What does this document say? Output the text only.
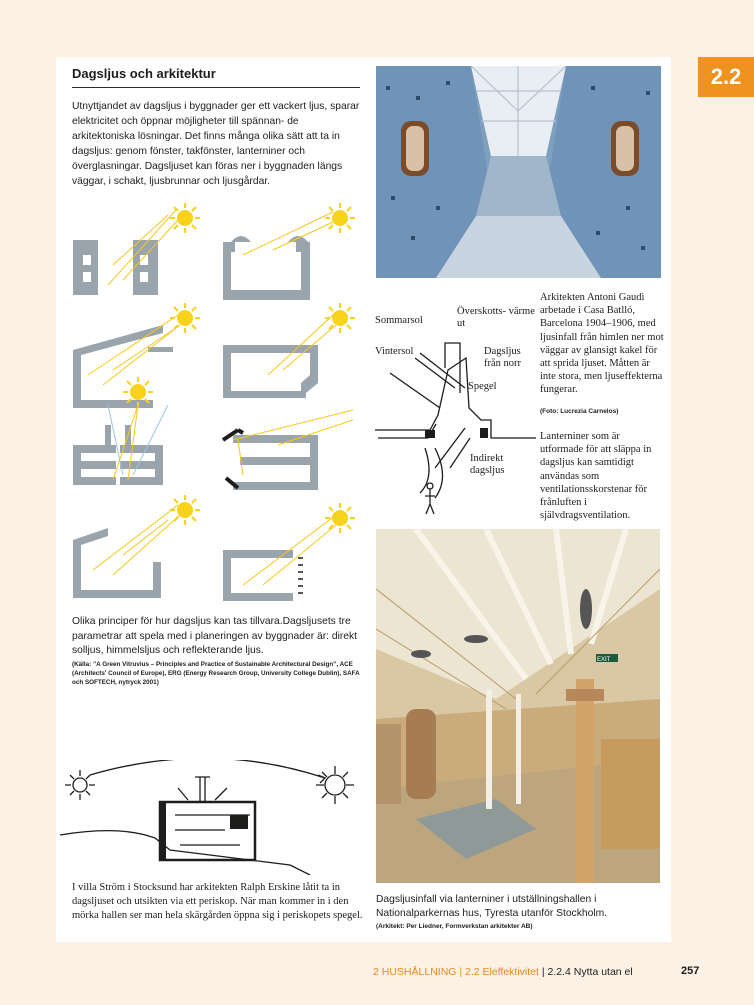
2.2
Dagsljus och arkitektur

Utnyttjandet av dagsljus i byggnader ger ett vackert ljus, sparar elektricitet och öppnar möjligheter till spännan- de arkitektoniska lösningar. Det finns många olika sätt att ta in dagsljus: genom fönster, takfönster, lanterniner och överglasningar. Dagsljuset kan föras ner i byggnaden längs väggar, i schakt, ljusbrunnar och ljusgårdar.

Olika principer för hur dagsljus kan tas tillvara.Dagsljusets tre parametrar att spela med i planeringen av byggnader är: direkt solljus, himmelsljus och reflekterande ljus.

(Källa: ”A Green Vitruvius – Principles and Practice of Sustainable Architectural Design”, ACE (Architects' Council of Europe), ERG (Energy Research Group, University College Dublin), SAFA och SOFTECH, nytryck 2001)

I villa Ström i Stocksund har arkitekten Ralph Erskine låtit ta in dagsljuset och utsikten via ett periskop. När man kommer in i den mörka hallen ser man hela skärgården öppna sig i periskopets spegel.

Sommarsol
Vintersol
Överskotts- värme ut
Dagsljus från norr
Spegel
Indirekt dagsljus

Arkitekten Antoni Gaudi arbetade i Casa Batlló, Barcelona 1904–1906, med ljusinfall från himlen ner mot väggar av glansigt kakel för att sprida ljuset. Måtten är inte stora, men ljuseffekterna fungerar.

(Foto: Lucrezia Carnelos)

Lanterniner som är utformade för att släppa in dagsljus kan samtidigt användas som ventilationsskorstenar för frånluften i självdragsventilation.

EXIT

Dagsljusinfall via lanterniner i utställningshallen i Nationalparkernas hus, Tyresta utanför Stockholm.

(Arkitekt: Per Liedner, Formverkstan arkitekter AB)
2 HUSHÅLLNING | 2.2 Eleffektivitet | 2.2.4 Nytta utan el	257
